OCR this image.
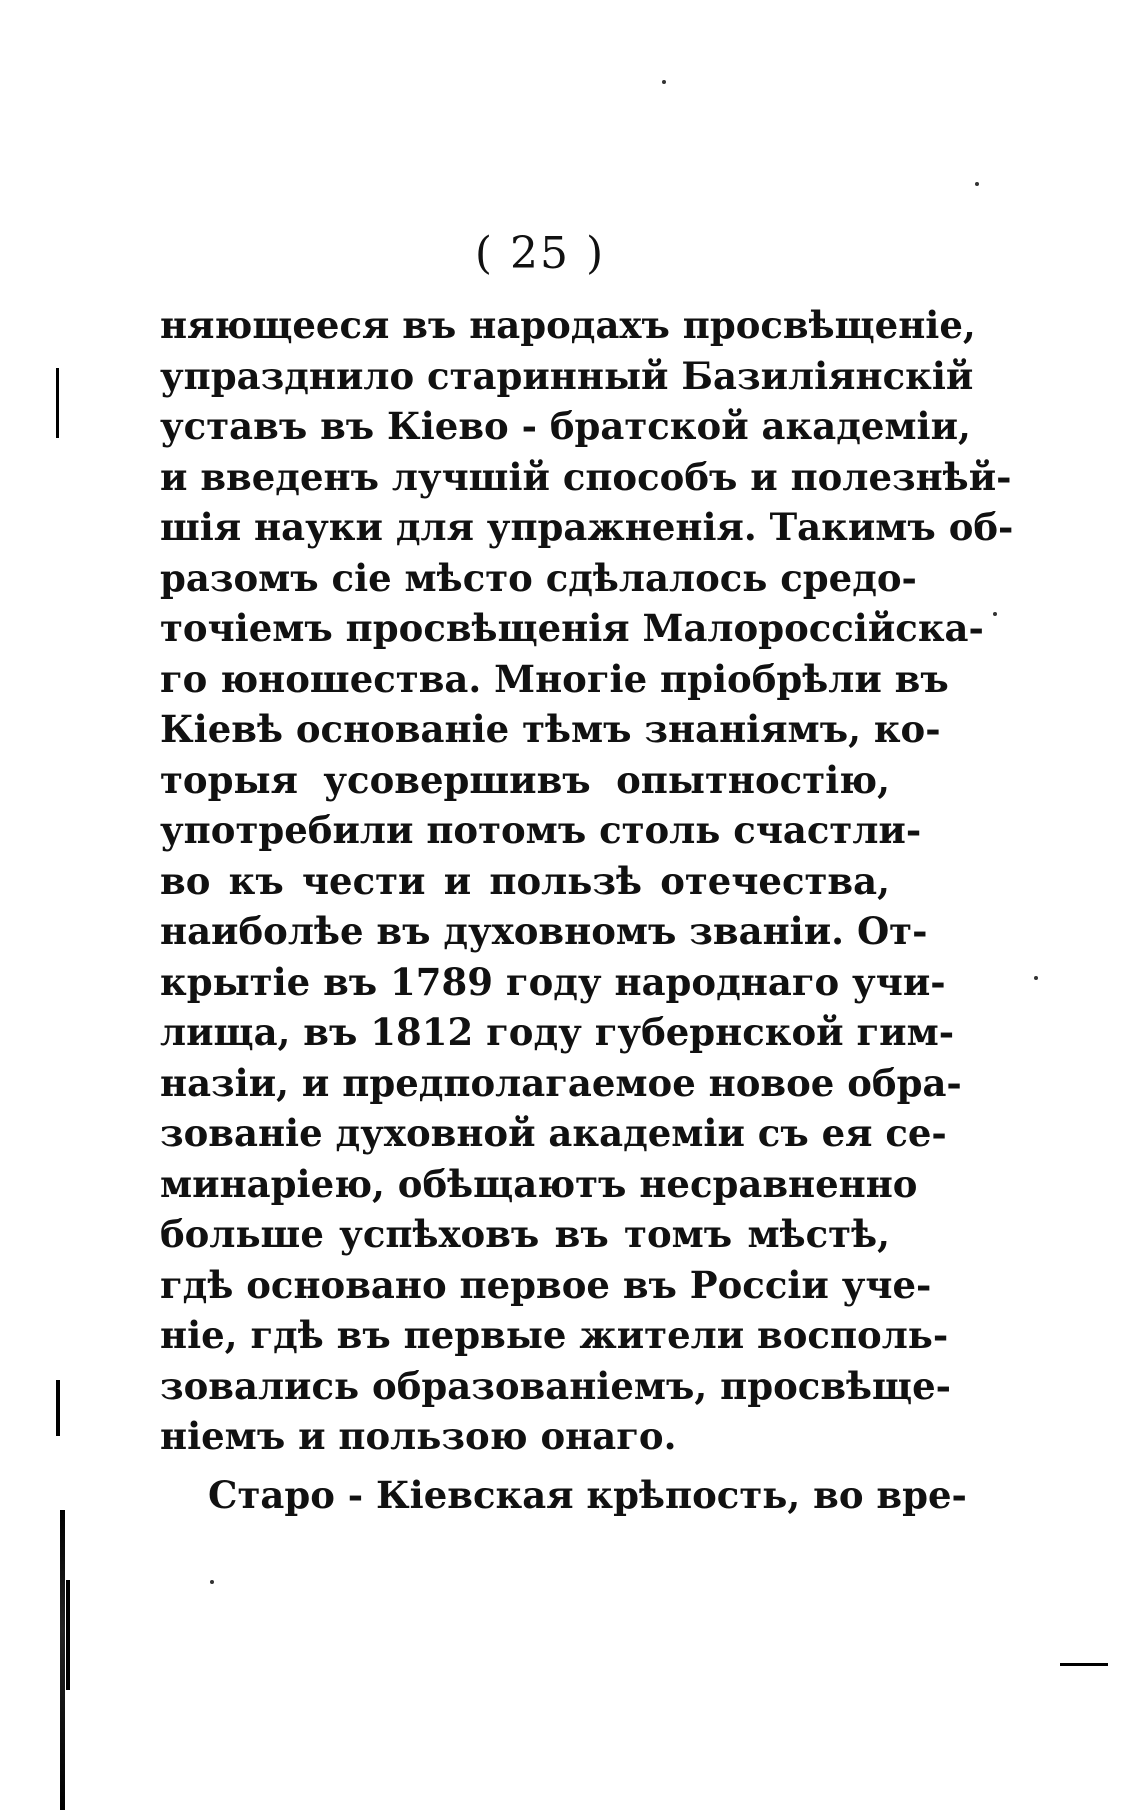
( 25 )
няющееся въ народахъ просвѣщеніе,
упразднило старинный Базиліянскій
уставъ въ Кіево - братской академіи,
и введенъ лучшій способъ и полезнѣй-
шія науки для упражненія. Такимъ об-
разомъ сіе мѣсто сдѣлалось средо-
точіемъ просвѣщенія Малороссійска-
го юношества. Многіе пріобрѣли въ
Кіевѣ основаніе тѣмъ знаніямъ, ко-
торыя усовершивъ опытностію,
употребили потомъ столь счастли-
во къ чести и пользѣ отечества,
наиболѣе въ духовномъ званіи. От-
крытіе въ 1789 году народнаго учи-
лища, въ 1812 году губернской гим-
назіи, и предполагаемое новое обра-
зованіе духовной академіи съ ея се-
минаріею, обѣщаютъ несравненно
больше успѣховъ въ томъ мѣстѣ,
гдѣ основано первое въ Россіи уче-
ніе, гдѣ въ первые жители восполь-
зовались образованіемъ, просвѣще-
ніемъ и пользою онаго.
Старо - Кіевская крѣпость, во вре-
